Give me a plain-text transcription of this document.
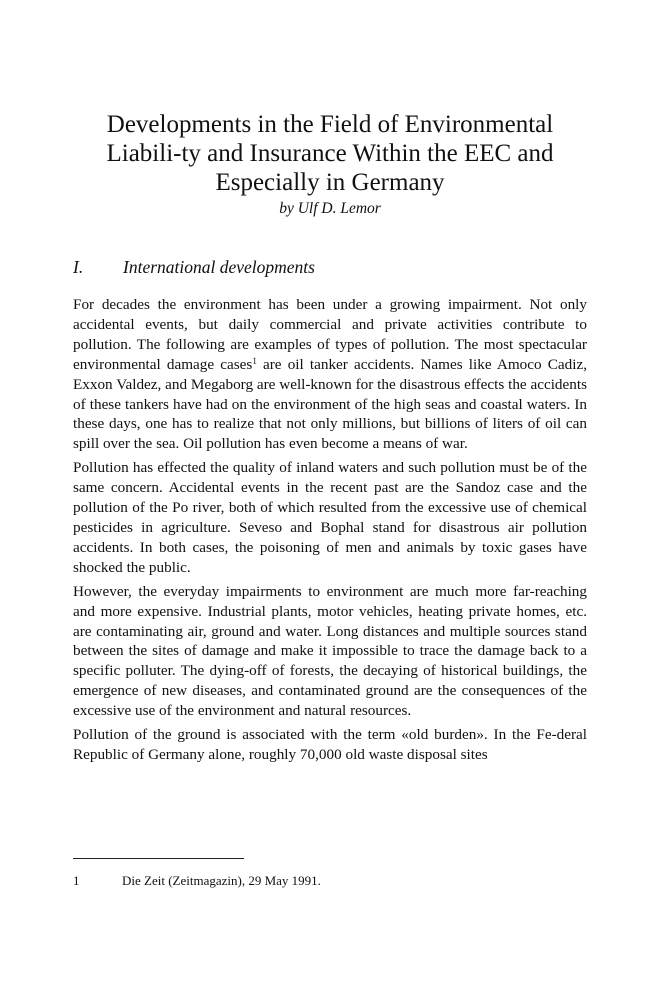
Developments in the Field of Environmental Liabili-ty and Insurance Within the EEC and Especially in Germany

by Ulf D. Lemor

I. International developments

For decades the environment has been under a growing impairment. Not only accidental events, but daily commercial and private activities contribute to pollution. The following are examples of types of pollution. The most spectacular environmental damage cases$^1$ are oil tanker accidents. Names like Amoco Cadiz, Exxon Valdez, and Megaborg are well-known for the disastrous effects the accidents of these tankers have had on the environment of the high seas and coastal waters. In these days, one has to realize that not only millions, but billions of liters of oil can spill over the sea. Oil pollution has even become a means of war.

Pollution has effected the quality of inland waters and such pollution must be of the same concern. Accidental events in the recent past are the Sandoz case and the pollution of the Po river, both of which resulted from the excessive use of chemical pesticides in agriculture. Seveso and Bophal stand for disastrous air pollution accidents. In both cases, the poisoning of men and animals by toxic gases have shocked the public.

However, the everyday impairments to environment are much more far-reaching and more expensive. Industrial plants, motor vehicles, heating private homes, etc. are contaminating air, ground and water. Long distances and multiple sources stand between the sites of damage and make it impossible to trace the damage back to a specific polluter. The dying-off of forests, the decaying of historical buildings, the emergence of new diseases, and contaminated ground are the consequences of the excessive use of the environment and natural resources.

Pollution of the ground is associated with the term «old burden». In the Fe-deral Republic of Germany alone, roughly 70,000 old waste disposal sites

1	Die Zeit (Zeitmagazin), 29 May 1991.
